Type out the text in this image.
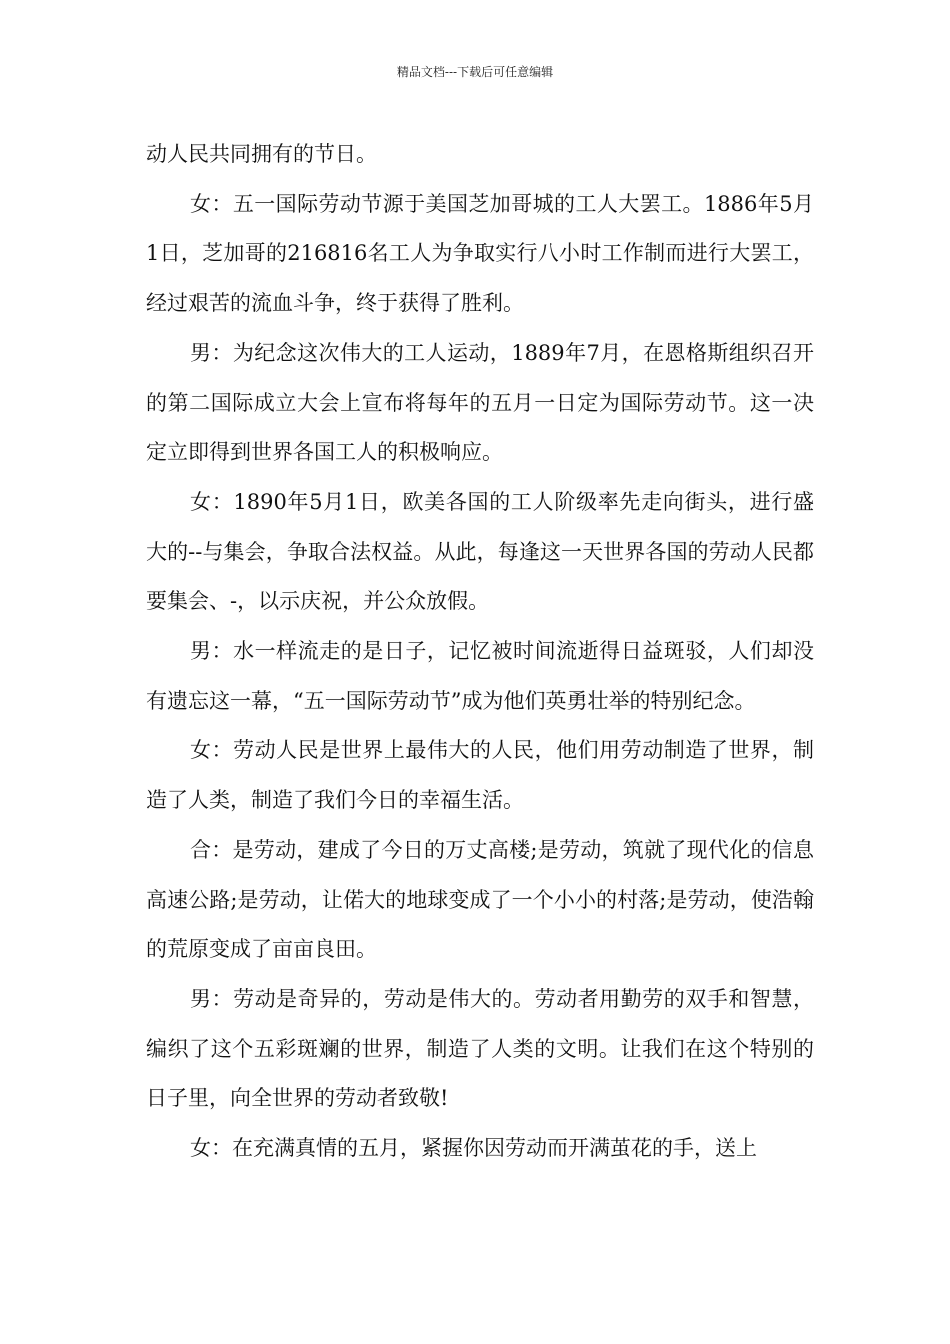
精品文档---下载后可任意编辑

动人民共同拥有的节日。

女：五一国际劳动节源于美国芝加哥城的工人大罢工。1886年5月1日，芝加哥的216816名工人为争取实行八小时工作制而进行大罢工，经过艰苦的流血斗争，终于获得了胜利。

男：为纪念这次伟大的工人运动，1889年7月，在恩格斯组织召开的第二国际成立大会上宣布将每年的五月一日定为国际劳动节。这一决定立即得到世界各国工人的积极响应。

女：1890年5月1日，欧美各国的工人阶级率先走向街头，进行盛大的--与集会，争取合法权益。从此，每逢这一天世界各国的劳动人民都要集会、-，以示庆祝，并公众放假。

男：水一样流走的是日子，记忆被时间流逝得日益斑驳，人们却没有遗忘这一幕，“五一国际劳动节”成为他们英勇壮举的特别纪念。

女：劳动人民是世界上最伟大的人民，他们用劳动制造了世界，制造了人类，制造了我们今日的幸福生活。

合：是劳动，建成了今日的万丈高楼;是劳动，筑就了现代化的信息高速公路;是劳动，让偌大的地球变成了一个小小的村落;是劳动，使浩翰的荒原变成了亩亩良田。

男：劳动是奇异的，劳动是伟大的。劳动者用勤劳的双手和智慧，编织了这个五彩斑斓的世界，制造了人类的文明。让我们在这个特别的日子里，向全世界的劳动者致敬!

女：在充满真情的五月，紧握你因劳动而开满茧花的手，送上
